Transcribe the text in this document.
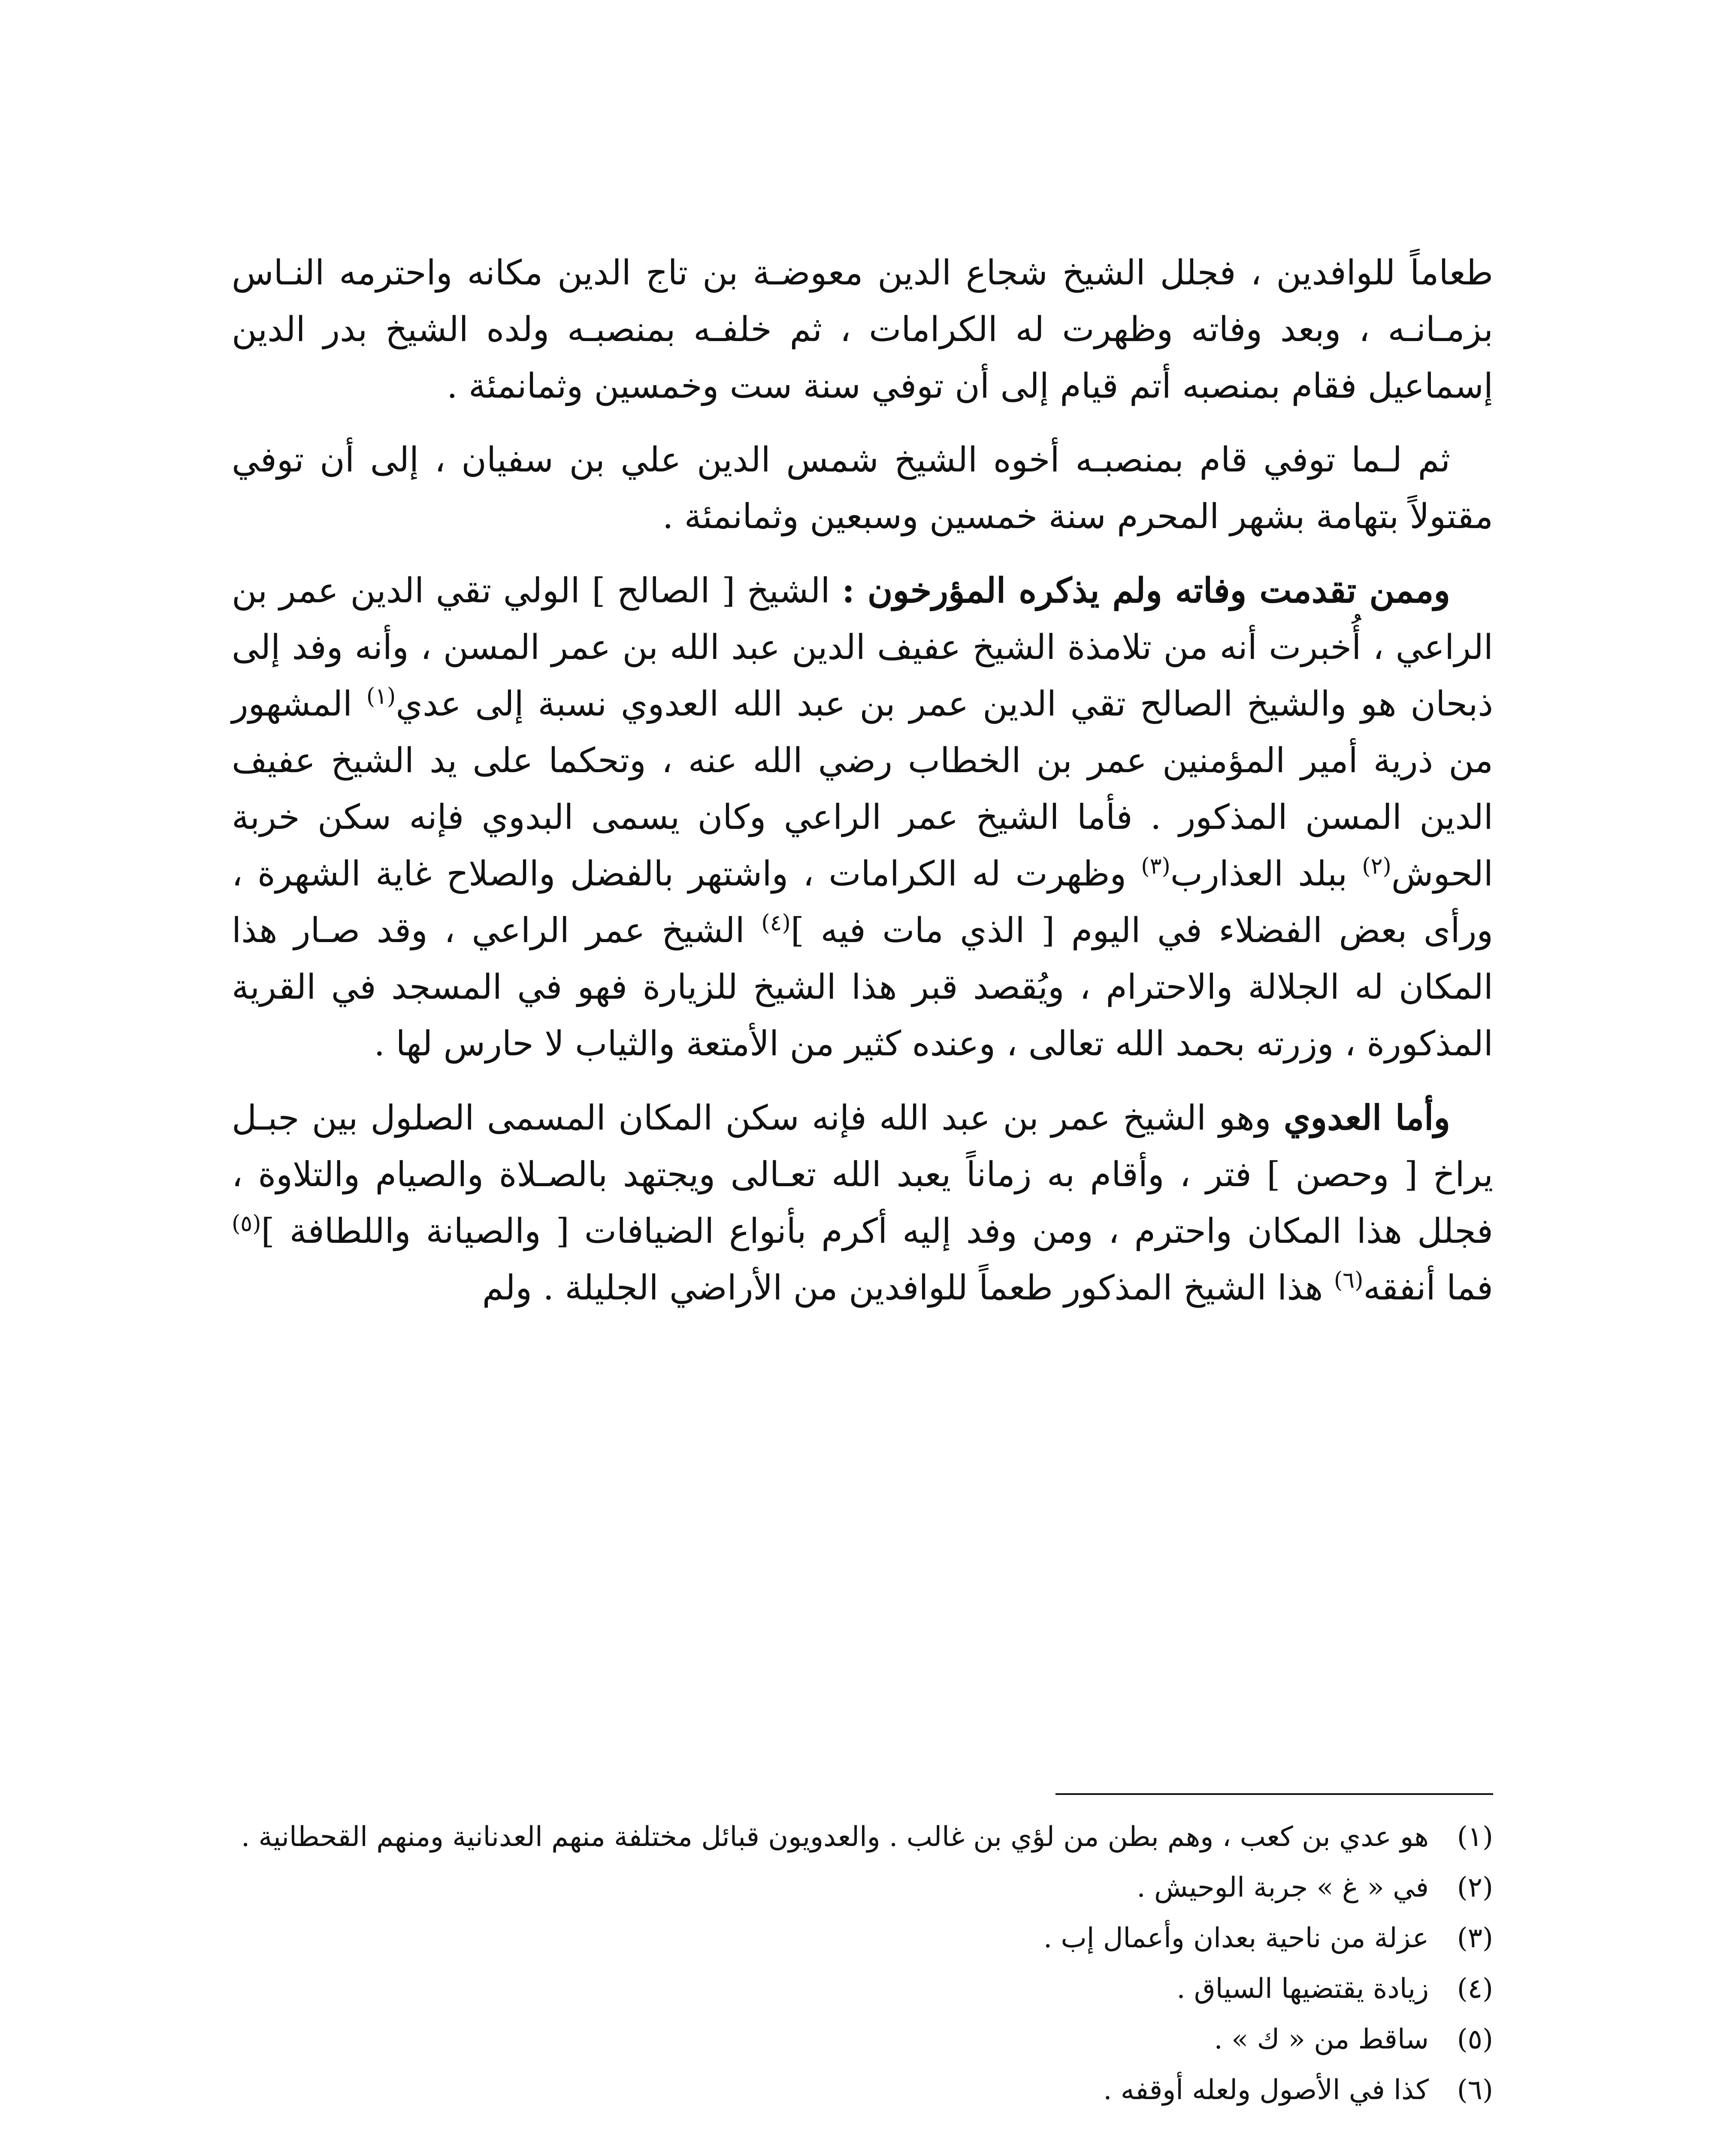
طعاماً للوافدين ، فجلل الشيخ شجاع الدين معوضـة بن تاج الدين مكانه واحترمه النـاس بزمـانـه ، وبعد وفاته وظهرت له الكرامات ، ثم خلفـه بمنصبـه ولده الشيخ بدر الدين إسماعيل فقام بمنصبه أتم قيام إلى أن توفي سنة ست وخمسين وثمانمئة .

ثم لـما توفي قام بمنصبـه أخوه الشيخ شمس الدين علي بن سفيان ، إلى أن توفي مقتولاً بتهامة بشهر المحرم سنة خمسين وسبعين وثمانمئة .

وممن تقدمت وفاته ولم يذكره المؤرخون : الشيخ [ الصالح ] الولي تقي الدين عمر بن الراعي ، أُخبرت أنه من تلامذة الشيخ عفيف الدين عبد الله بن عمر المسن ، وأنه وفد إلى ذبحان هو والشيخ الصالح تقي الدين عمر بن عبد الله العدوي نسبة إلى عدي$^{(١)}$ المشهور من ذرية أمير المؤمنين عمر بن الخطاب رضي الله عنه ، وتحكما على يد الشيخ عفيف الدين المسن المذكور . فأما الشيخ عمر الراعي وكان يسمى البدوي فإنه سكن خربة الحوش$^{(٢)}$ ببلد العذارب$^{(٣)}$ وظهرت له الكرامات ، واشتهر بالفضل والصلاح غاية الشهرة ، ورأى بعض الفضلاء في اليوم [ الذي مات فيه ]$^{(٤)}$ الشيخ عمر الراعي ، وقد صـار هذا المكان له الجلالة والاحترام ، ويُقصد قبر هذا الشيخ للزيارة فهو في المسجد في القرية المذكورة ، وزرته بحمد الله تعالى ، وعنده كثير من الأمتعة والثياب لا حارس لها .

وأما العدوي وهو الشيخ عمر بن عبد الله فإنه سكن المكان المسمى الصلول بين جبـل يراخ [ وحصن ] فتر ، وأقام به زماناً يعبد الله تعـالى ويجتهد بالصـلاة والصيام والتلاوة ، فجلل هذا المكان واحترم ، ومن وفد إليه أكرم بأنواع الضيافات [ والصيانة واللطافة ]$^{(٥)}$ فما أنفقه$^{(٦)}$ هذا الشيخ المذكور طعماً للوافدين من الأراضي الجليلة . ولم

(١)
هو عدي بن كعب ، وهم بطن من لؤي بن غالب . والعدويون قبائل مختلفة منهم العدنانية ومنهم القحطانية .
(٢)
في « غ » جربة الوحيش .
(٣)
عزلة من ناحية بعدان وأعمال إب .
(٤)
زيادة يقتضيها السياق .
(٥)
ساقط من « ك » .
(٦)
كذا في الأصول ولعله أوقفه .
